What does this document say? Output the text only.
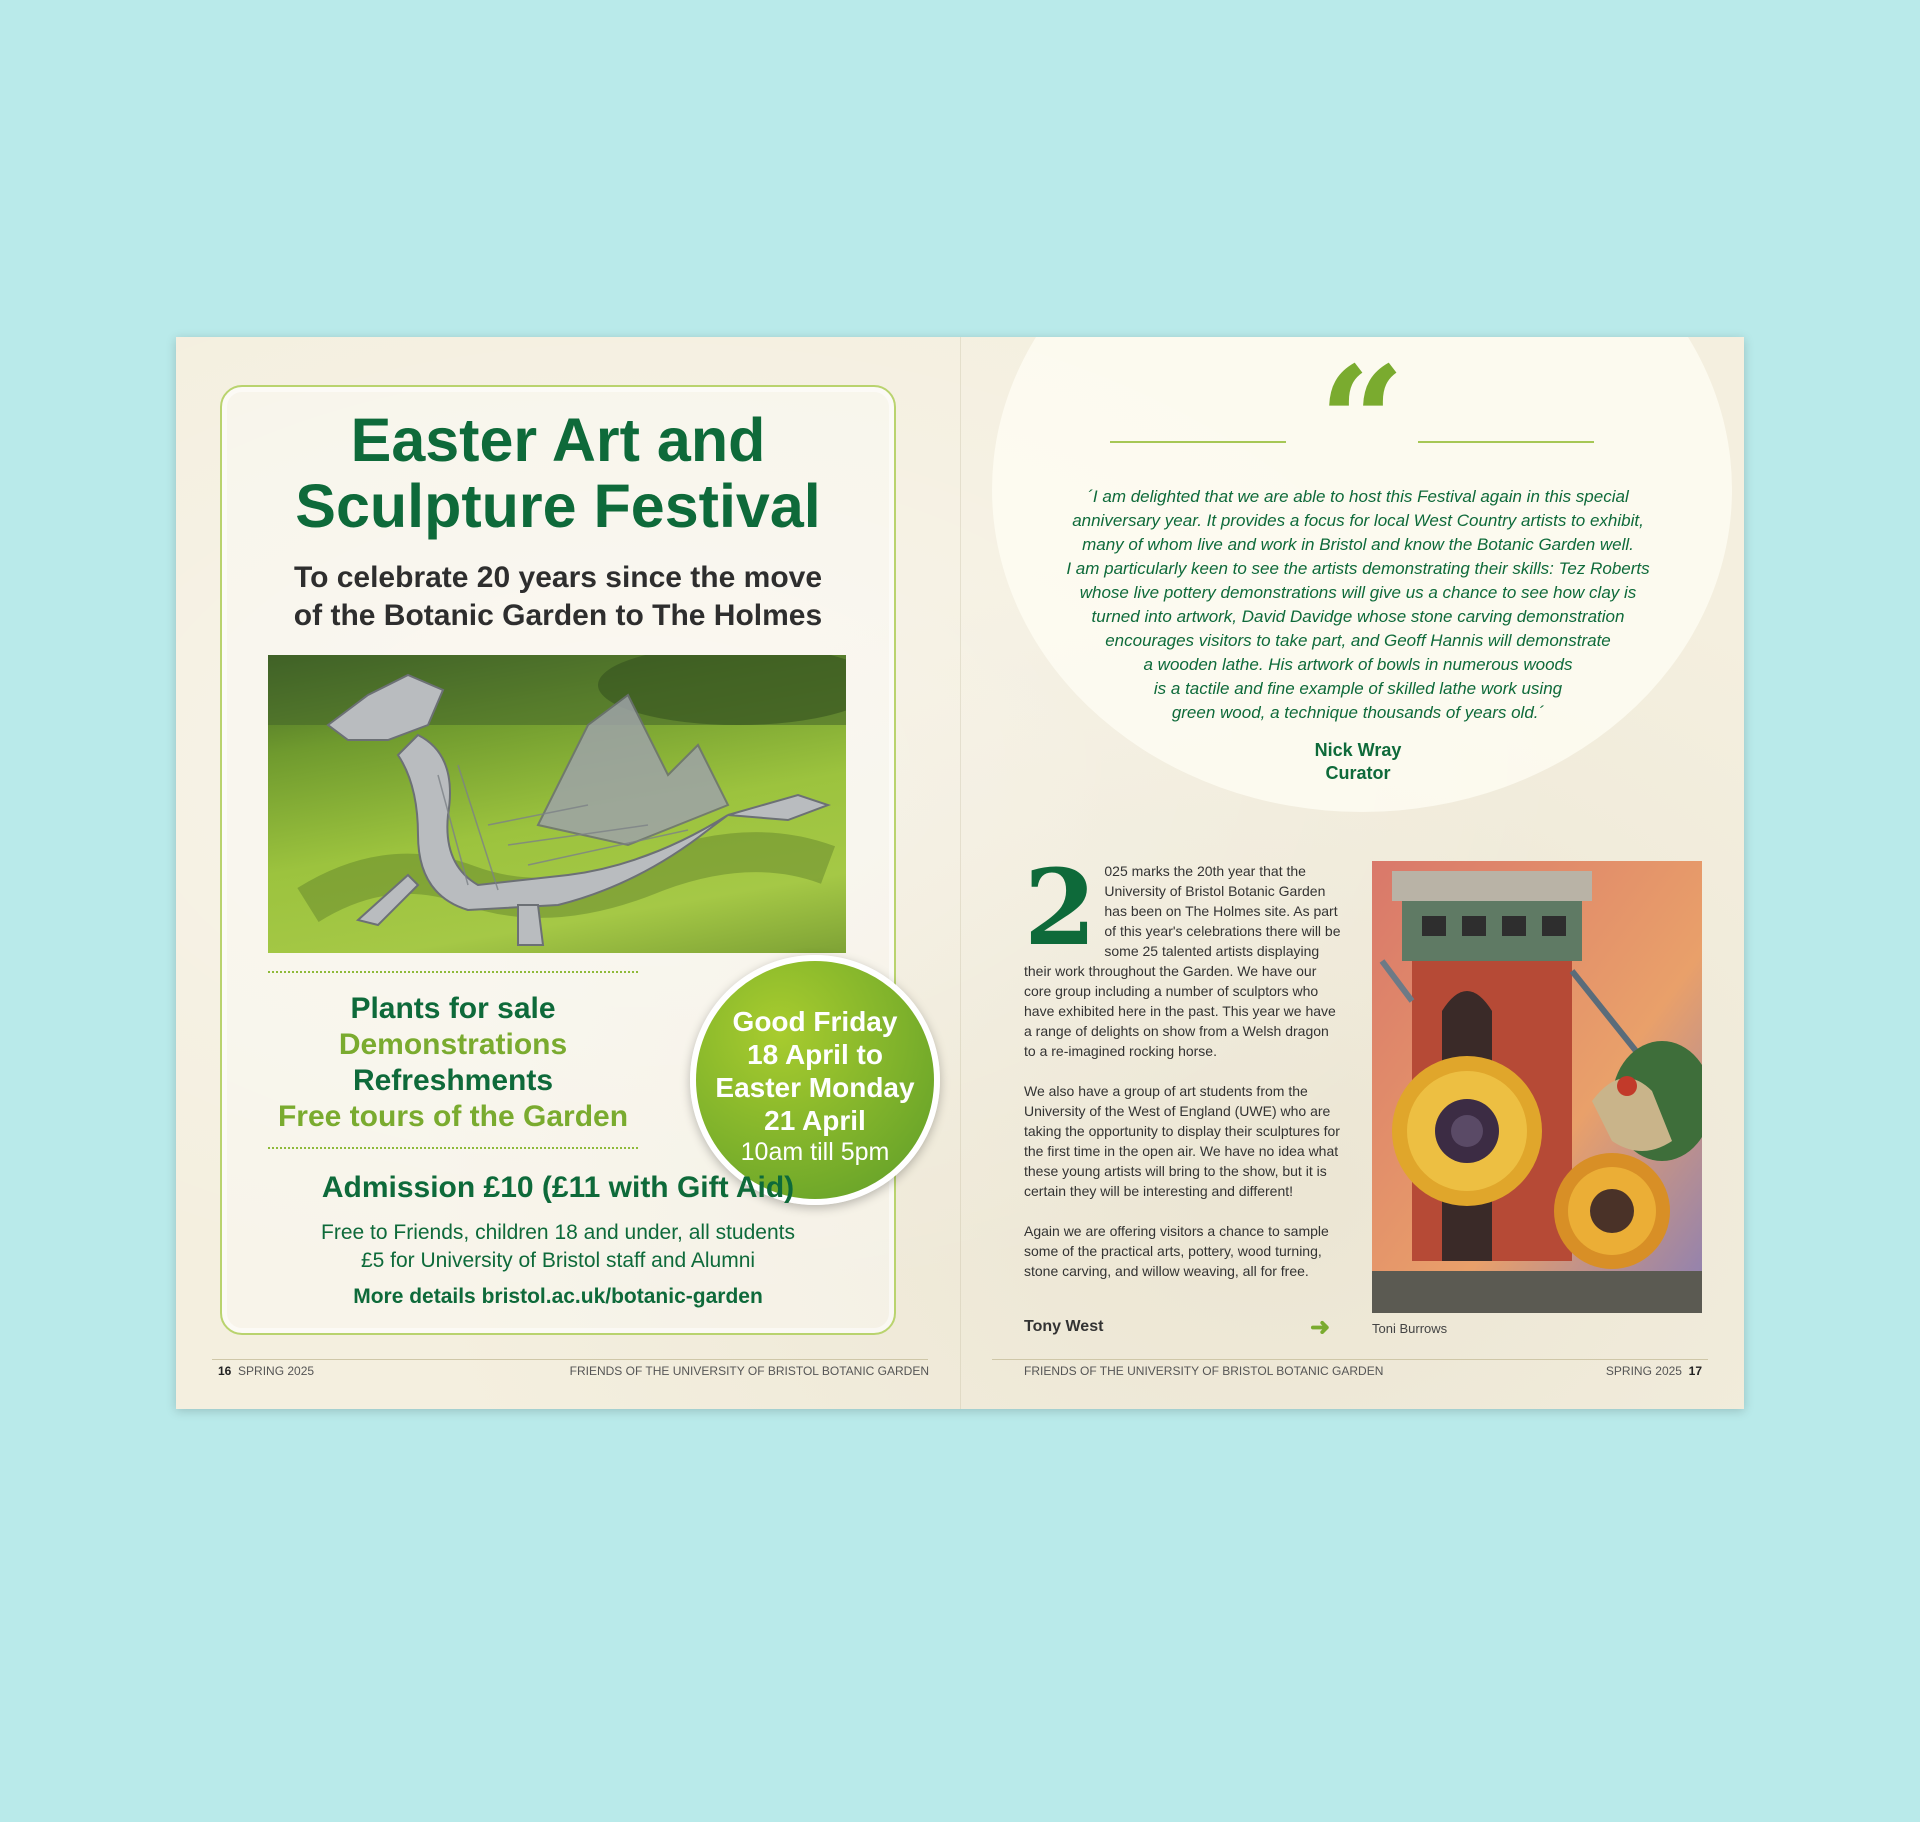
Easter Art and
Sculpture Festival
To celebrate 20 years since the move
of the Botanic Garden to The Holmes
Plants for sale
Demonstrations
Refreshments
Free tours of the Garden
Good Friday
18 April to
Easter Monday
21 April
10am till 5pm

Admission £10 (£11 with Gift Aid)

Free to Friends, children 18 and under, all students
£5 for University of Bristol staff and Alumni
More details bristol.ac.uk/botanic-garden
“

´I am delighted that we are able to host this Festival again in this special
anniversary year. It provides a focus for local West Country artists to exhibit,
many of whom live and work in Bristol and know the Botanic Garden well.
I am particularly keen to see the artists demonstrating their skills: Tez Roberts
whose live pottery demonstrations will give us a chance to see how clay is
turned into artwork, David Davidge whose stone carving demonstration
encourages visitors to take part, and Geoff Hannis will demonstrate
a wooden lathe. His artwork of bowls in numerous woods
is a tactile and fine example of skilled lathe work using
green wood, a technique thousands of years old.´

Nick Wray
Curator

2 025 marks the 20th year that the University of Bristol Botanic Garden has been on The Holmes site. As part of this year's celebrations there will be some 25 talented artists displaying their work throughout the Garden. We have our core group including a number of sculptors who have exhibited here in the past. This year we have a range of delights on show from a Welsh dragon to a re-imagined rocking horse.

We also have a group of art students from the University of the West of England (UWE) who are taking the opportunity to display their sculptures for the first time in the open air. We have no idea what these young artists will bring to the show, but it is certain they will be interesting and different!

Again we are offering visitors a chance to sample some of the practical arts, pottery, wood turning, stone carving, and willow weaving, all for free.

Tony West	➜	Toni Burrows
16 SPRING 2025	FRIENDS OF THE UNIVERSITY OF BRISTOL BOTANIC GARDEN	FRIENDS OF THE UNIVERSITY OF BRISTOL BOTANIC GARDEN	SPRING 2025 17
